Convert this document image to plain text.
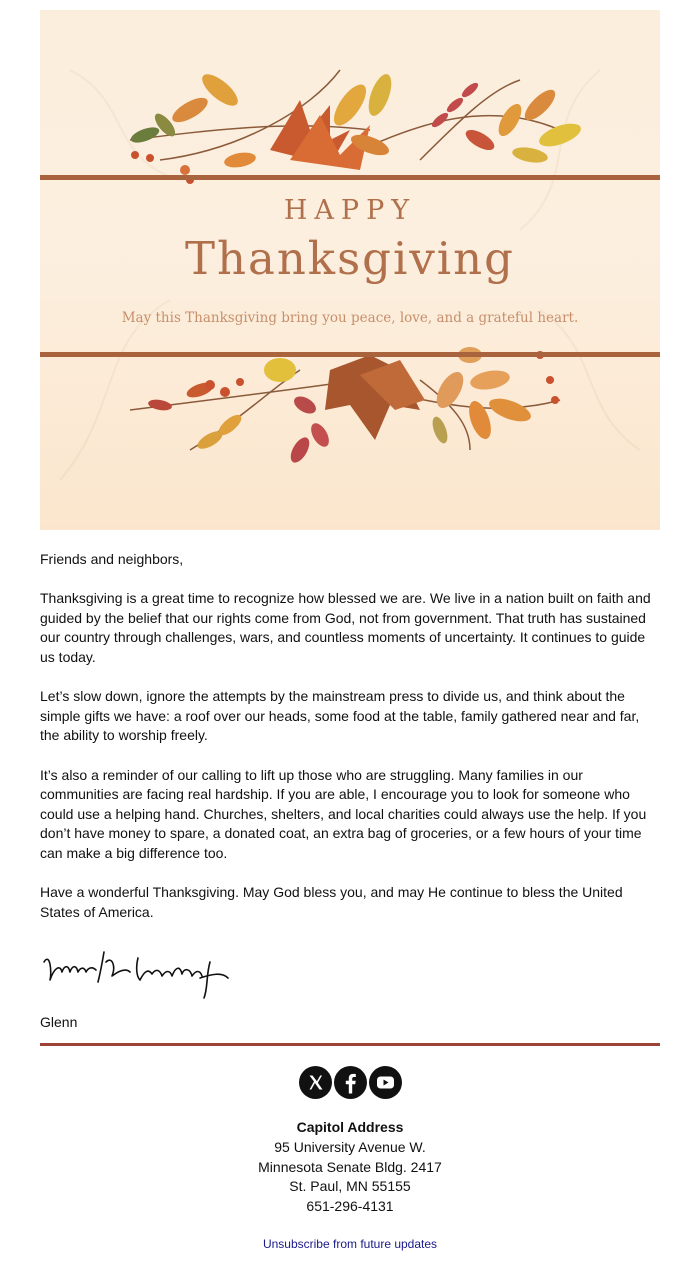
HAPPY
Thanksgiving
May this Thanksgiving bring you peace, love, and a grateful heart.

Friends and neighbors,

Thanksgiving is a great time to recognize how blessed we are. We live in a nation built on faith and guided by the belief that our rights come from God, not from government. That truth has sustained our country through challenges, wars, and countless moments of uncertainty. It continues to guide us today.

Let’s slow down, ignore the attempts by the mainstream press to divide us, and think about the simple gifts we have: a roof over our heads, some food at the table, family gathered near and far, the ability to worship freely.

It’s also a reminder of our calling to lift up those who are struggling. Many families in our communities are facing real hardship. If you are able, I encourage you to look for someone who could use a helping hand. Churches, shelters, and local charities could always use the help. If you don’t have money to spare, a donated coat, an extra bag of groceries, or a few hours of your time can make a big difference too.

Have a wonderful Thanksgiving. May God bless you, and may He continue to bless the United States of America.

Glenn

Capitol Address
95 University Avenue W.
Minnesota Senate Bldg. 2417
St. Paul, MN 55155
651-296-4131
Unsubscribe from future updates
